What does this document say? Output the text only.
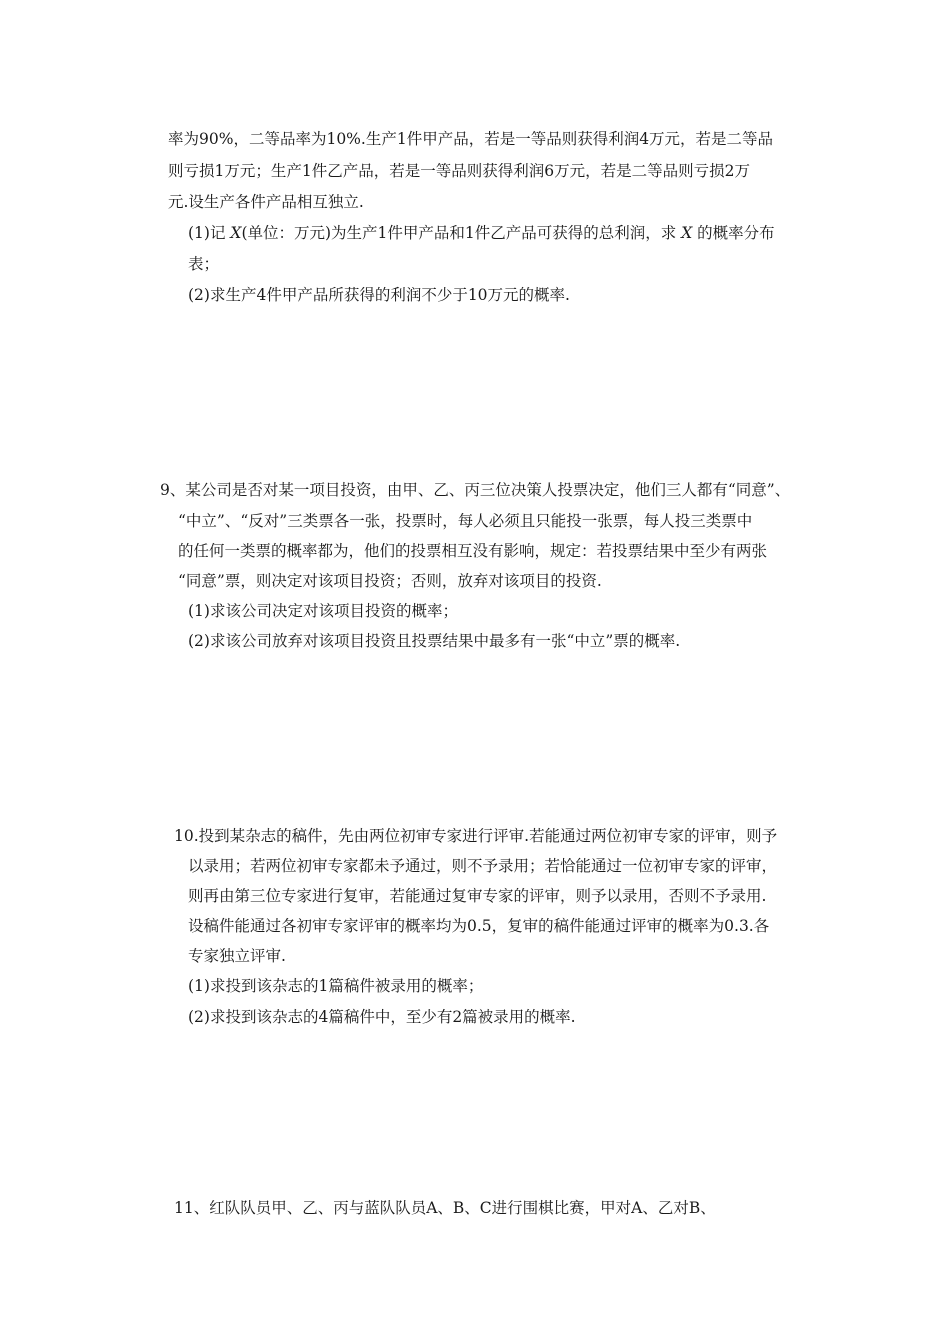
率为90%，二等品率为10%.生产1件甲产品，若是一等品则获得利润4万元，若是二等品
则亏损1万元；生产1件乙产品，若是一等品则获得利润6万元，若是二等品则亏损2万
元.设生产各件产品相互独立.
(1)记 X(单位：万元)为生产1件甲产品和1件乙产品可获得的总利润，求 X 的概率分布
表；
(2)求生产4件甲产品所获得的利润不少于10万元的概率.
9、某公司是否对某一项目投资，由甲、乙、丙三位决策人投票决定，他们三人都有“同意”、
“中立”、“反对”三类票各一张，投票时，每人必须且只能投一张票，每人投三类票中
的任何一类票的概率都为，他们的投票相互没有影响，规定：若投票结果中至少有两张
“同意”票，则决定对该项目投资；否则，放弃对该项目的投资.
(1)求该公司决定对该项目投资的概率；
(2)求该公司放弃对该项目投资且投票结果中最多有一张“中立”票的概率.
10.投到某杂志的稿件，先由两位初审专家进行评审.若能通过两位初审专家的评审，则予
以录用；若两位初审专家都未予通过，则不予录用；若恰能通过一位初审专家的评审，
则再由第三位专家进行复审，若能通过复审专家的评审，则予以录用，否则不予录用.
设稿件能通过各初审专家评审的概率均为0.5，复审的稿件能通过评审的概率为0.3.各
专家独立评审.
(1)求投到该杂志的1篇稿件被录用的概率；
(2)求投到该杂志的4篇稿件中，至少有2篇被录用的概率.
11、红队队员甲、乙、丙与蓝队队员A、B、C进行围棋比赛，甲对A、乙对B、
